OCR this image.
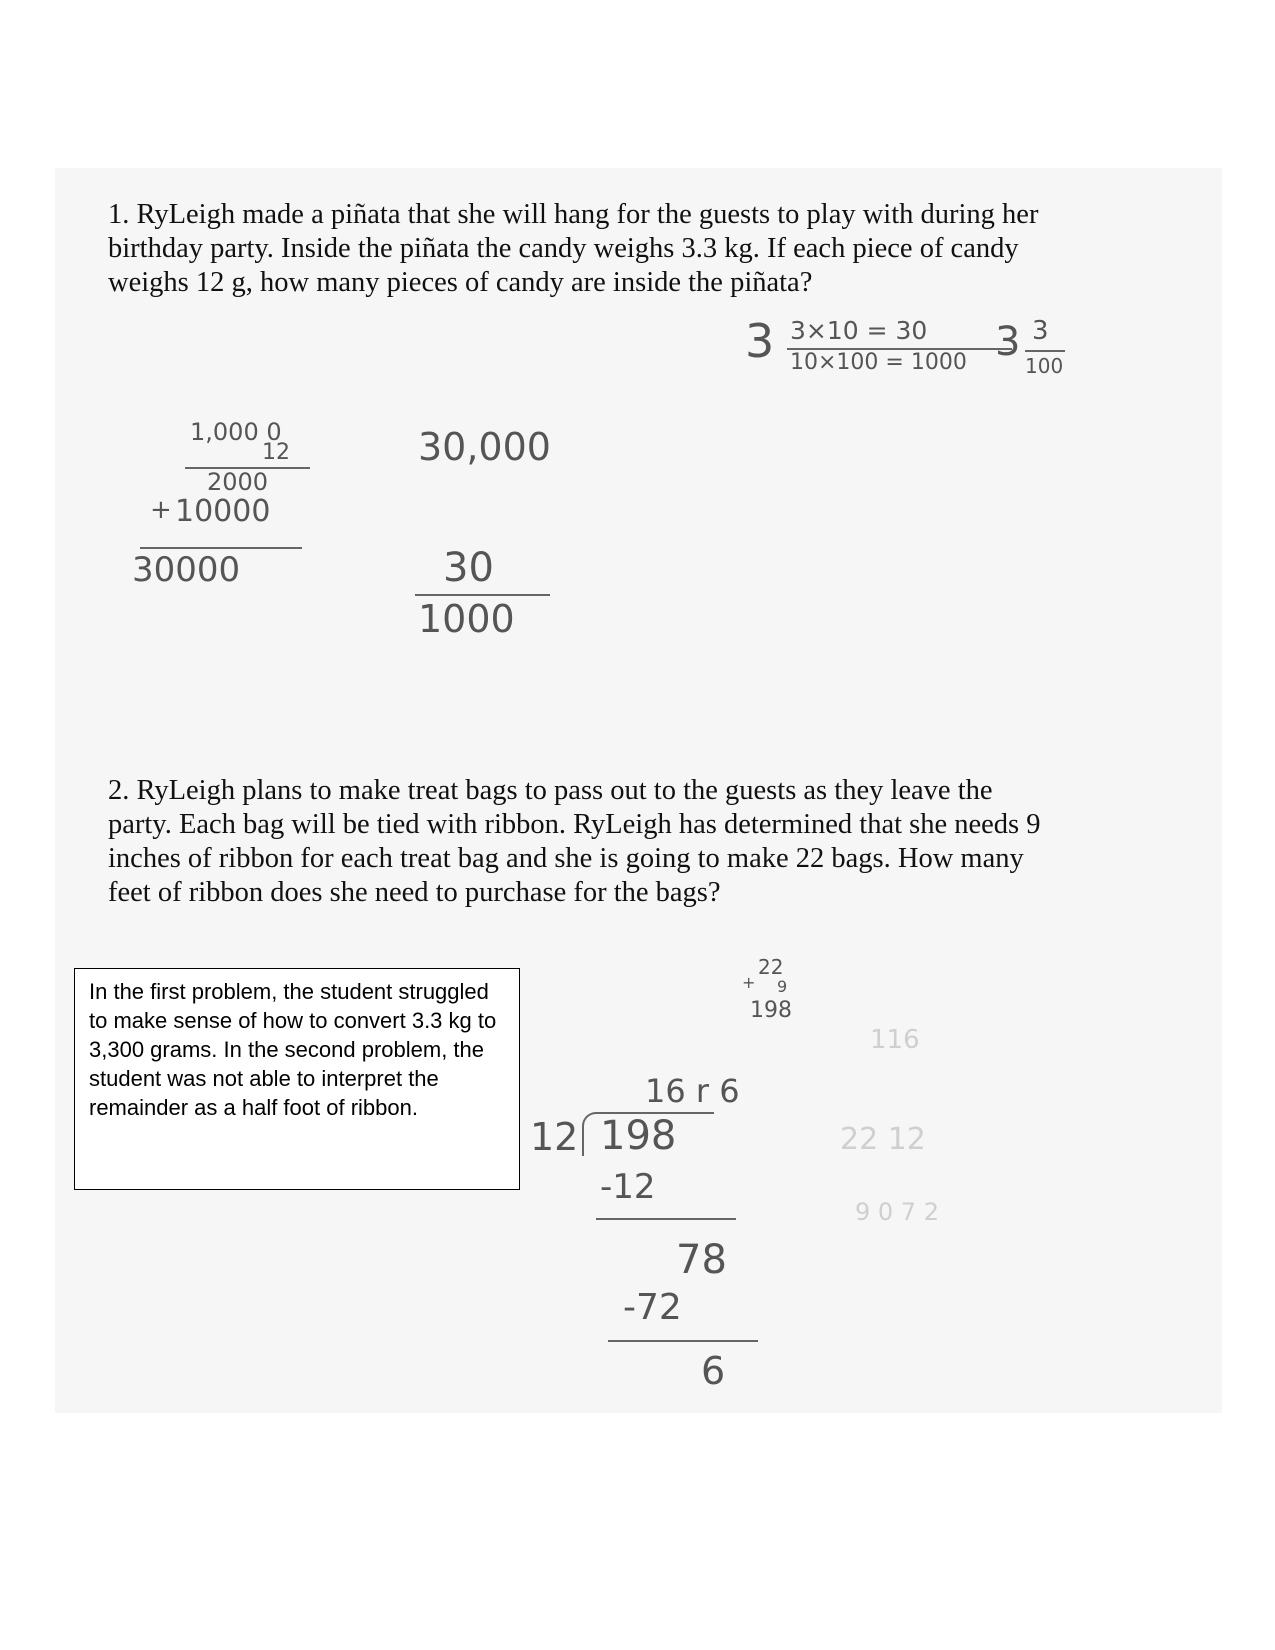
1. RyLeigh made a piñata that she will hang for the guests to play with during her
birthday party. Inside the piñata the candy weighs 3.3 kg. If each piece of candy
weighs 12 g, how many pieces of candy are inside the piñata?
3 3×10 = 30
10×100 = 1000 3 3
100
1,000 0
12
2000
+ 10000
30000
30,000
30
1000
2. RyLeigh plans to make treat bags to pass out to the guests as they leave the
party. Each bag will be tied with ribbon. RyLeigh has determined that she needs 9
inches of ribbon for each treat bag and she is going to make 22 bags. How many
feet of ribbon does she need to purchase for the bags?
22
+ 9
198
16 r 6
12 198
-12
78
-72
6
116
22 12
9 0 7 2

In the first problem, the student struggled to make sense of how to convert 3.3 kg to 3,300 grams. In the second problem, the student was not able to interpret the remainder as a half foot of ribbon.
